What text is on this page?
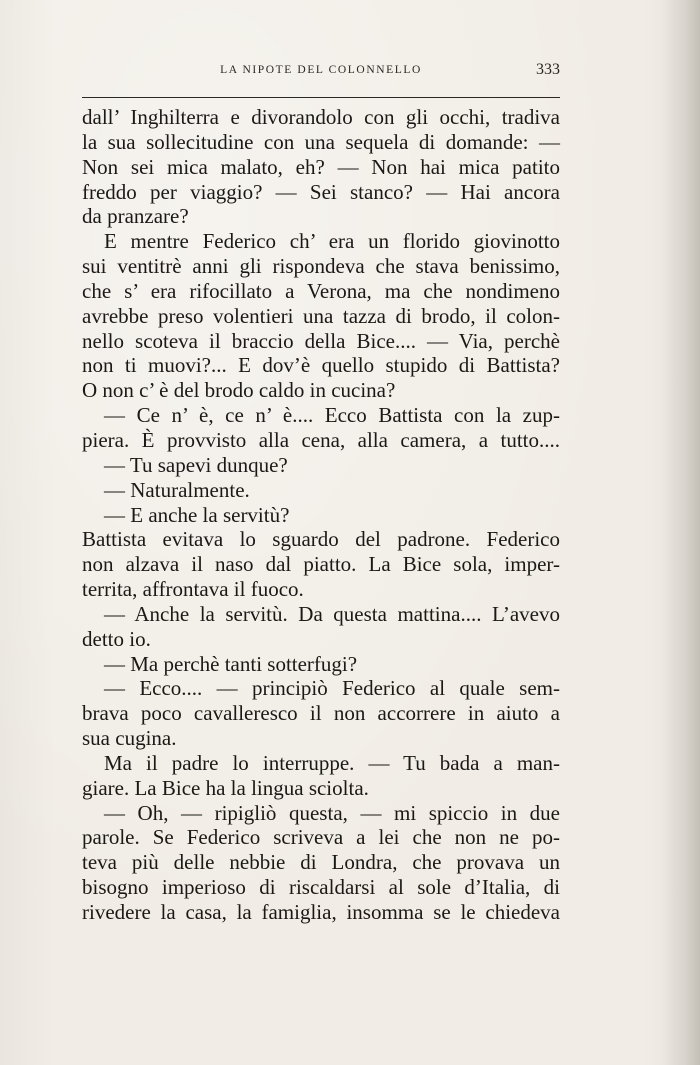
LA NIPOTE DEL COLONNELLO	333
dall’ Inghilterra e divorandolo con gli occhi, tradiva
la sua sollecitudine con una sequela di domande: —
Non sei mica malato, eh? — Non hai mica patito
freddo per viaggio? — Sei stanco? — Hai ancora
da pranzare?
E mentre Federico ch’ era un florido giovinotto
sui ventitrè anni gli rispondeva che stava benissimo,
che s’ era rifocillato a Verona, ma che nondimeno
avrebbe preso volentieri una tazza di brodo, il colon-
nello scoteva il braccio della Bice.... — Via, perchè
non ti muovi?... E dov’è quello stupido di Battista?
O non c’ è del brodo caldo in cucina?
— Ce n’ è, ce n’ è.... Ecco Battista con la zup-
piera. È provvisto alla cena, alla camera, a tutto....
— Tu sapevi dunque?
— Naturalmente.
— E anche la servitù?
Battista evitava lo sguardo del padrone. Federico
non alzava il naso dal piatto. La Bice sola, imper-
territa, affrontava il fuoco.
— Anche la servitù. Da questa mattina.... L’avevo
detto io.
— Ma perchè tanti sotterfugi?
— Ecco.... — principiò Federico al quale sem-
brava poco cavalleresco il non accorrere in aiuto a
sua cugina.
Ma il padre lo interruppe. — Tu bada a man-
giare. La Bice ha la lingua sciolta.
— Oh, — ripigliò questa, — mi spiccio in due
parole. Se Federico scriveva a lei che non ne po-
teva più delle nebbie di Londra, che provava un
bisogno imperioso di riscaldarsi al sole d’Italia, di
rivedere la casa, la famiglia, insomma se le chiedeva
